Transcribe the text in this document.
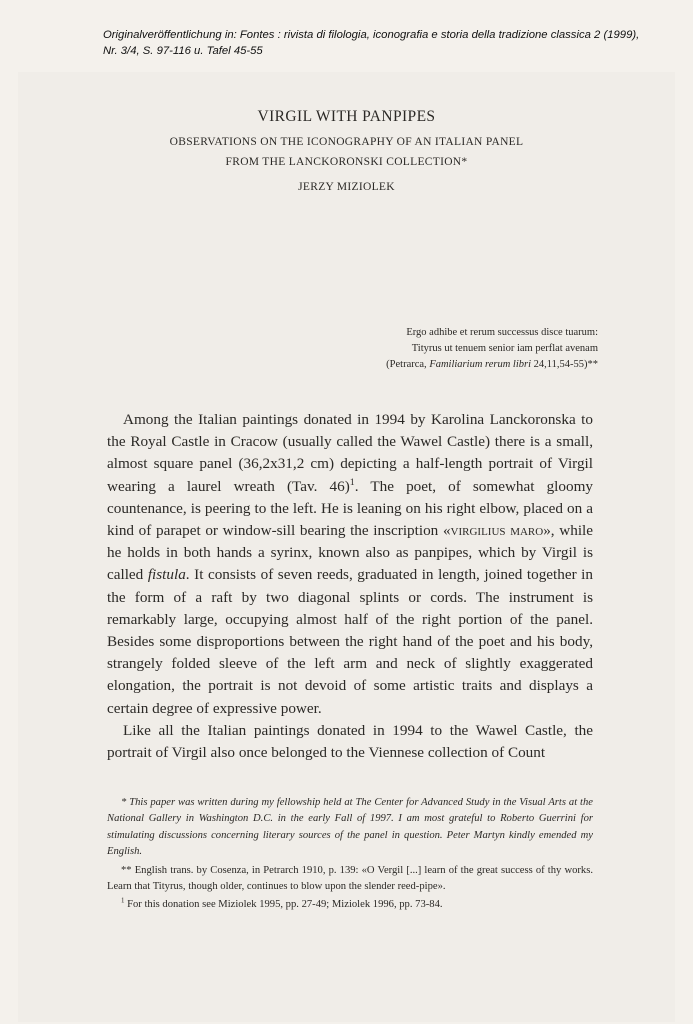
Originalveröffentlichung in: Fontes : rivista di filologia, iconografia e storia della tradizione classica 2 (1999),
Nr. 3/4, S. 97-116 u. Tafel 45-55
VIRGIL WITH PANPIPES
OBSERVATIONS ON THE ICONOGRAPHY OF AN ITALIAN PANEL
FROM THE LANCKORONSKI COLLECTION*
JERZY MIZIOLEK
Ergo adhibe et rerum successus disce tuarum:
Tityrus ut tenuem senior iam perflat avenam
(Petrarca, Familiarium rerum libri 24,11,54-55)**

Among the Italian paintings donated in 1994 by Karolina Lanckoronska to the Royal Castle in Cracow (usually called the Wawel Castle) there is a small, almost square panel (36,2x31,2 cm) depicting a half-length portrait of Virgil wearing a laurel wreath (Tav. 46)$^1$. The poet, of somewhat gloomy countenance, is peering to the left. He is leaning on his right elbow, placed on a kind of parapet or window-sill bearing the inscription «virgilius maro», while he holds in both hands a syrinx, known also as panpipes, which by Virgil is called fistula. It consists of seven reeds, graduated in length, joined together in the form of a raft by two diagonal splints or cords. The instrument is remarkably large, occupying almost half of the right portion of the panel. Besides some disproportions between the right hand of the poet and his body, strangely folded sleeve of the left arm and neck of slightly exaggerated elongation, the portrait is not devoid of some artistic traits and displays a certain degree of expressive power.

Like all the Italian paintings donated in 1994 to the Wawel Castle, the portrait of Virgil also once belonged to the Viennese collection of Count

* This paper was written during my fellowship held at The Center for Advanced Study in the Visual Arts at the National Gallery in Washington D.C. in the early Fall of 1997. I am most grateful to Roberto Guerrini for stimulating discussions concerning literary sources of the panel in question. Peter Martyn kindly emended my English.

** English trans. by Cosenza, in Petrarch 1910, p. 139: «O Vergil [...] learn of the great success of thy works. Learn that Tityrus, though older, continues to blow upon the slender reed-pipe».

$^1$ For this donation see Miziolek 1995, pp. 27-49; Miziolek 1996, pp. 73-84.
